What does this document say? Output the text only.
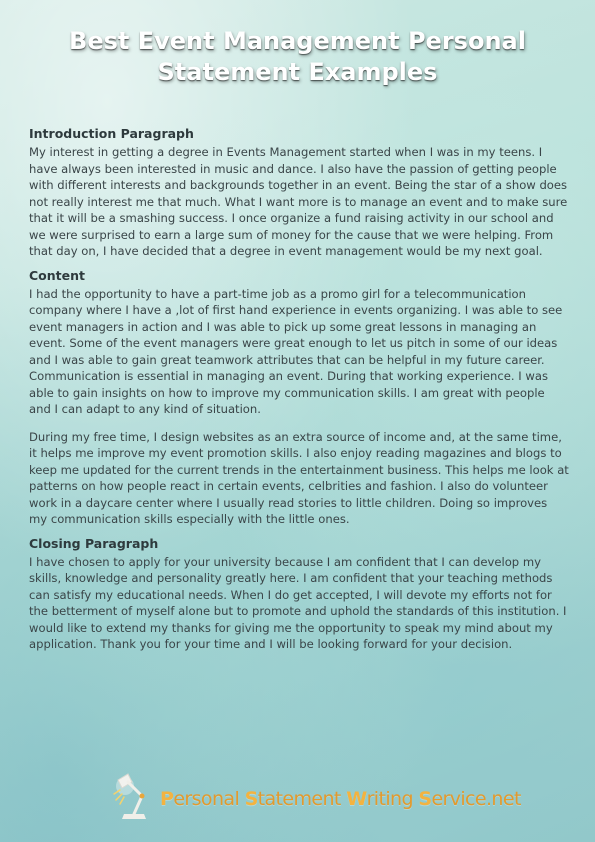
Best Event Management Personal
Statement Examples

Introduction Paragraph

My interest in getting a degree in Events Management started when I was in my teens. I have always been interested in music and dance. I also have the passion of getting people with different interests and backgrounds together in an event. Being the star of a show does not really interest me that much. What I want more is to manage an event and to make sure that it will be a smashing success. I once organize a fund raising activity in our school and we were surprised to earn a large sum of money for the cause that we were helping. From that day on, I have decided that a degree in event management would be my next goal.

Content

I had the opportunity to have a part-time job as a promo girl for a telecommunication company where I have a ,lot of first hand experience in events organizing. I was able to see event managers in action and I was able to pick up some great lessons in managing an event. Some of the event managers were great enough to let us pitch in some of our ideas and I was able to gain great teamwork attributes that can be helpful in my future career. Communication is essential in managing an event. During that working experience. I was able to gain insights on how to improve my communication skills. I am great with people and I can adapt to any kind of situation.

During my free time, I design websites as an extra source of income and, at the same time, it helps me improve my event promotion skills. I also enjoy reading magazines and blogs to keep me updated for the current trends in the entertainment business. This helps me look at patterns on how people react in certain events, celbrities and fashion. I also do volunteer work in a daycare center where I usually read stories to little children. Doing so improves my communication skills especially with the little ones.

Closing Paragraph

I have chosen to apply for your university because I am confident that I can develop my skills, knowledge and personality greatly here. I am confident that your teaching methods can satisfy my educational needs. When I do get accepted, I will devote my efforts not for the betterment of myself alone but to promote and uphold the standards of this institution. I would like to extend my thanks for giving me the opportunity to speak my mind about my application. Thank you for your time and I will be looking forward for your decision.

Personal Statement Writing Service.net
